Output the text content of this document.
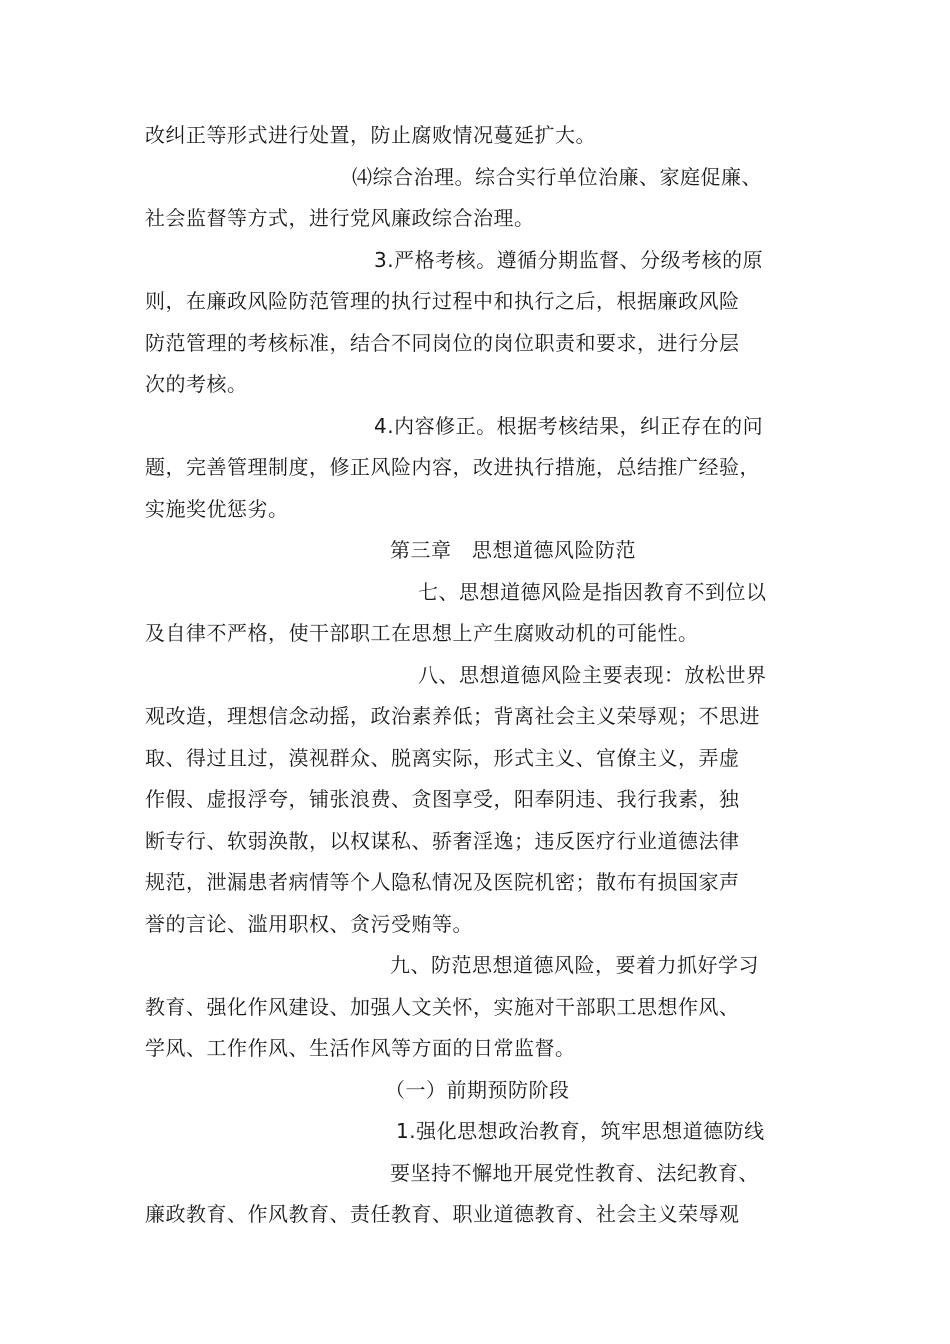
改纠正等形式进行处置，防止腐败情况蔓延扩大。
⑷综合治理。综合实行单位治廉、家庭促廉、
社会监督等方式，进行党风廉政综合治理。
3.严格考核。遵循分期监督、分级考核的原
则，在廉政风险防范管理的执行过程中和执行之后，根据廉政风险
防范管理的考核标准，结合不同岗位的岗位职责和要求，进行分层
次的考核。
4.内容修正。根据考核结果，纠正存在的问
题，完善管理制度，修正风险内容，改进执行措施，总结推广经验，
实施奖优惩劣。
第三章　思想道德风险防范
七、思想道德风险是指因教育不到位以
及自律不严格，使干部职工在思想上产生腐败动机的可能性。
八、思想道德风险主要表现：放松世界
观改造，理想信念动摇，政治素养低；背离社会主义荣辱观；不思进
取、得过且过，漠视群众、脱离实际，形式主义、官僚主义，弄虚
作假、虚报浮夸，铺张浪费、贪图享受，阳奉阴违、我行我素，独
断专行、软弱涣散，以权谋私、骄奢淫逸；违反医疗行业道德法律
规范，泄漏患者病情等个人隐私情况及医院机密；散布有损国家声
誉的言论、滥用职权、贪污受贿等。
九、防范思想道德风险，要着力抓好学习
教育、强化作风建设、加强人文关怀，实施对干部职工思想作风、
学风、工作作风、生活作风等方面的日常监督。
（一）前期预防阶段
1.强化思想政治教育，筑牢思想道德防线
要坚持不懈地开展党性教育、法纪教育、
廉政教育、作风教育、责任教育、职业道德教育、社会主义荣辱观
